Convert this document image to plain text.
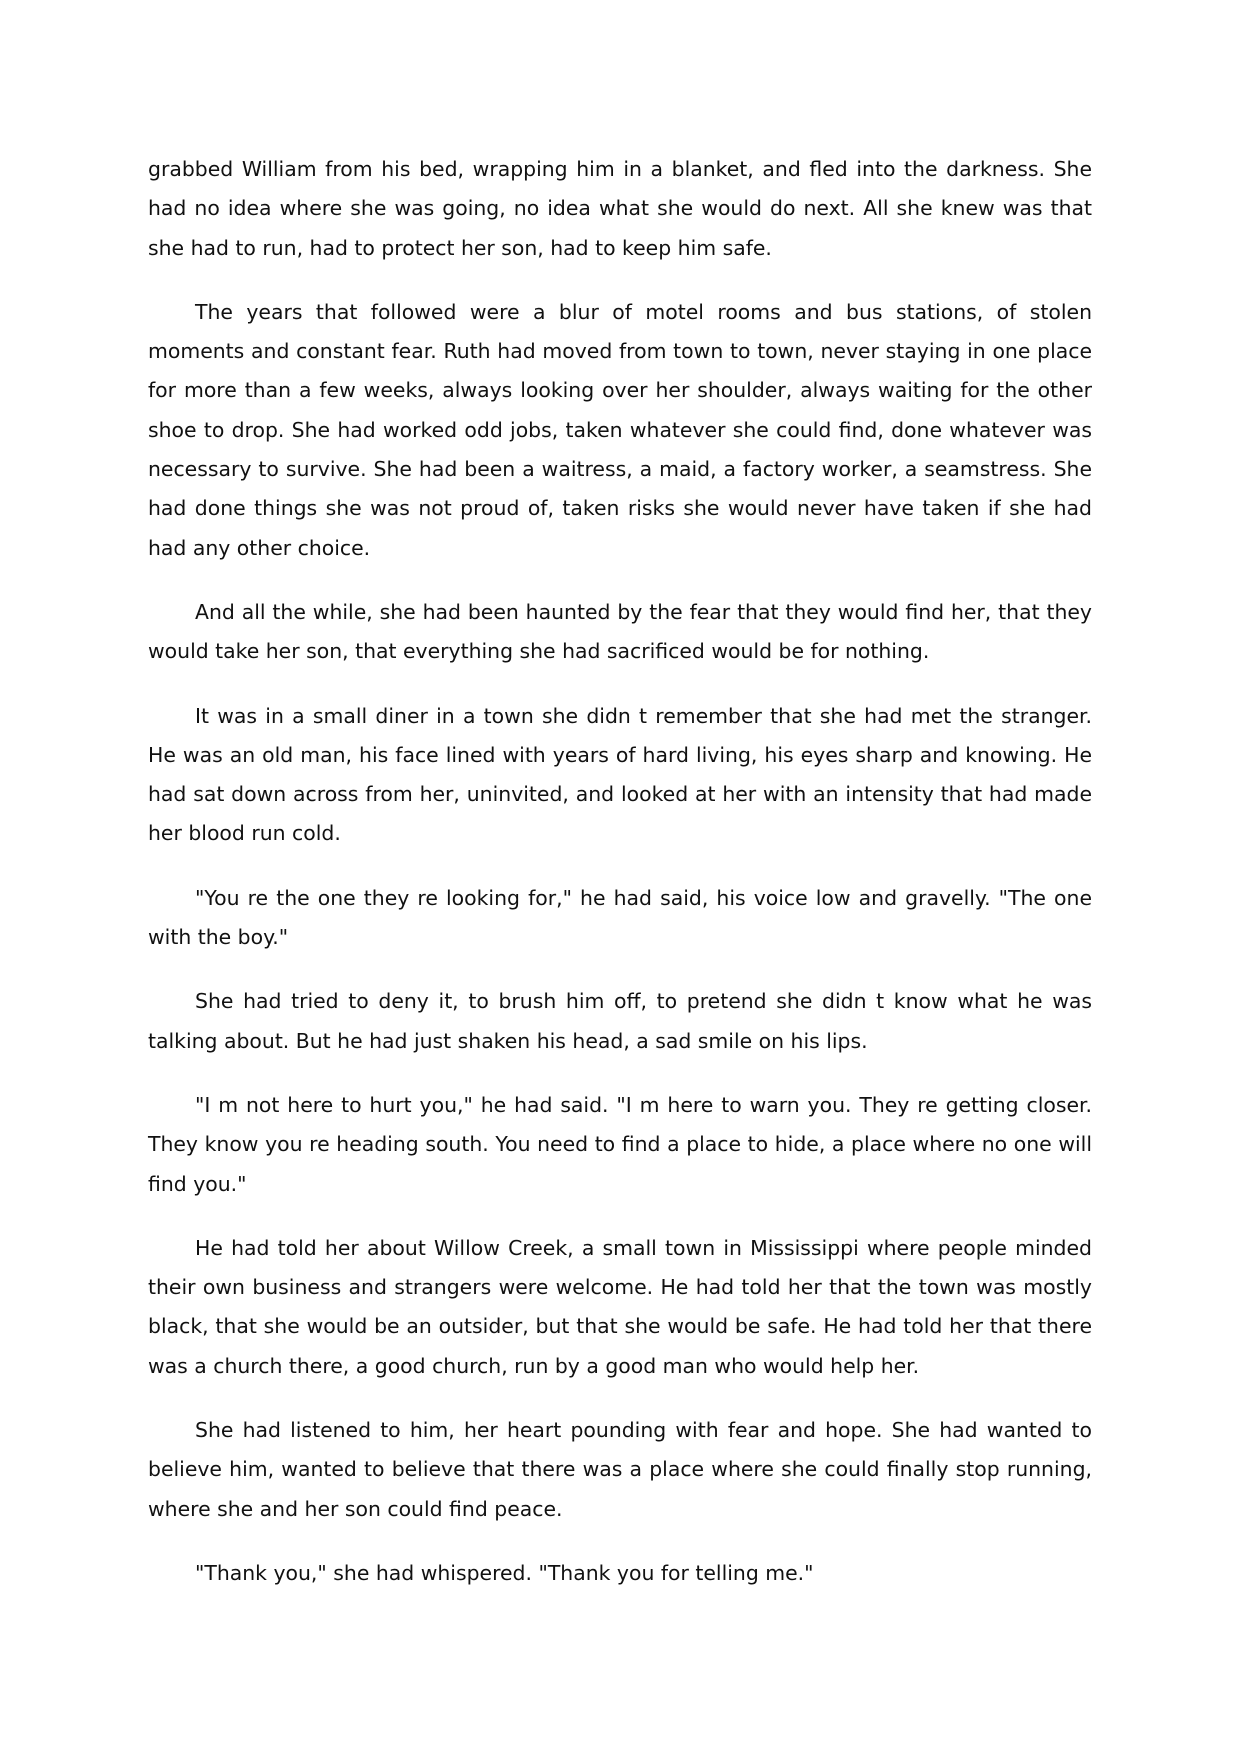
grabbed William from his bed, wrapping him in a blanket, and fled into the darkness. She had no idea where she was going, no idea what she would do next. All she knew was that she had to run, had to protect her son, had to keep him safe.

The years that followed were a blur of motel rooms and bus stations, of stolen moments and constant fear. Ruth had moved from town to town, never staying in one place for more than a few weeks, always looking over her shoulder, always waiting for the other shoe to drop. She had worked odd jobs, taken whatever she could find, done whatever was necessary to survive. She had been a waitress, a maid, a factory worker, a seamstress. She had done things she was not proud of, taken risks she would never have taken if she had had any other choice.

And all the while, she had been haunted by the fear that they would find her, that they would take her son, that everything she had sacrificed would be for nothing.

It was in a small diner in a town she didn t remember that she had met the stranger. He was an old man, his face lined with years of hard living, his eyes sharp and knowing. He had sat down across from her, uninvited, and looked at her with an intensity that had made her blood run cold.

"You re the one they re looking for," he had said, his voice low and gravelly. "The one with the boy."

She had tried to deny it, to brush him off, to pretend she didn t know what he was talking about. But he had just shaken his head, a sad smile on his lips.

"I m not here to hurt you," he had said. "I m here to warn you. They re getting closer. They know you re heading south. You need to find a place to hide, a place where no one will find you."

He had told her about Willow Creek, a small town in Mississippi where people minded their own business and strangers were welcome. He had told her that the town was mostly black, that she would be an outsider, but that she would be safe. He had told her that there was a church there, a good church, run by a good man who would help her.

She had listened to him, her heart pounding with fear and hope. She had wanted to believe him, wanted to believe that there was a place where she could finally stop running, where she and her son could find peace.

"Thank you," she had whispered. "Thank you for telling me."
